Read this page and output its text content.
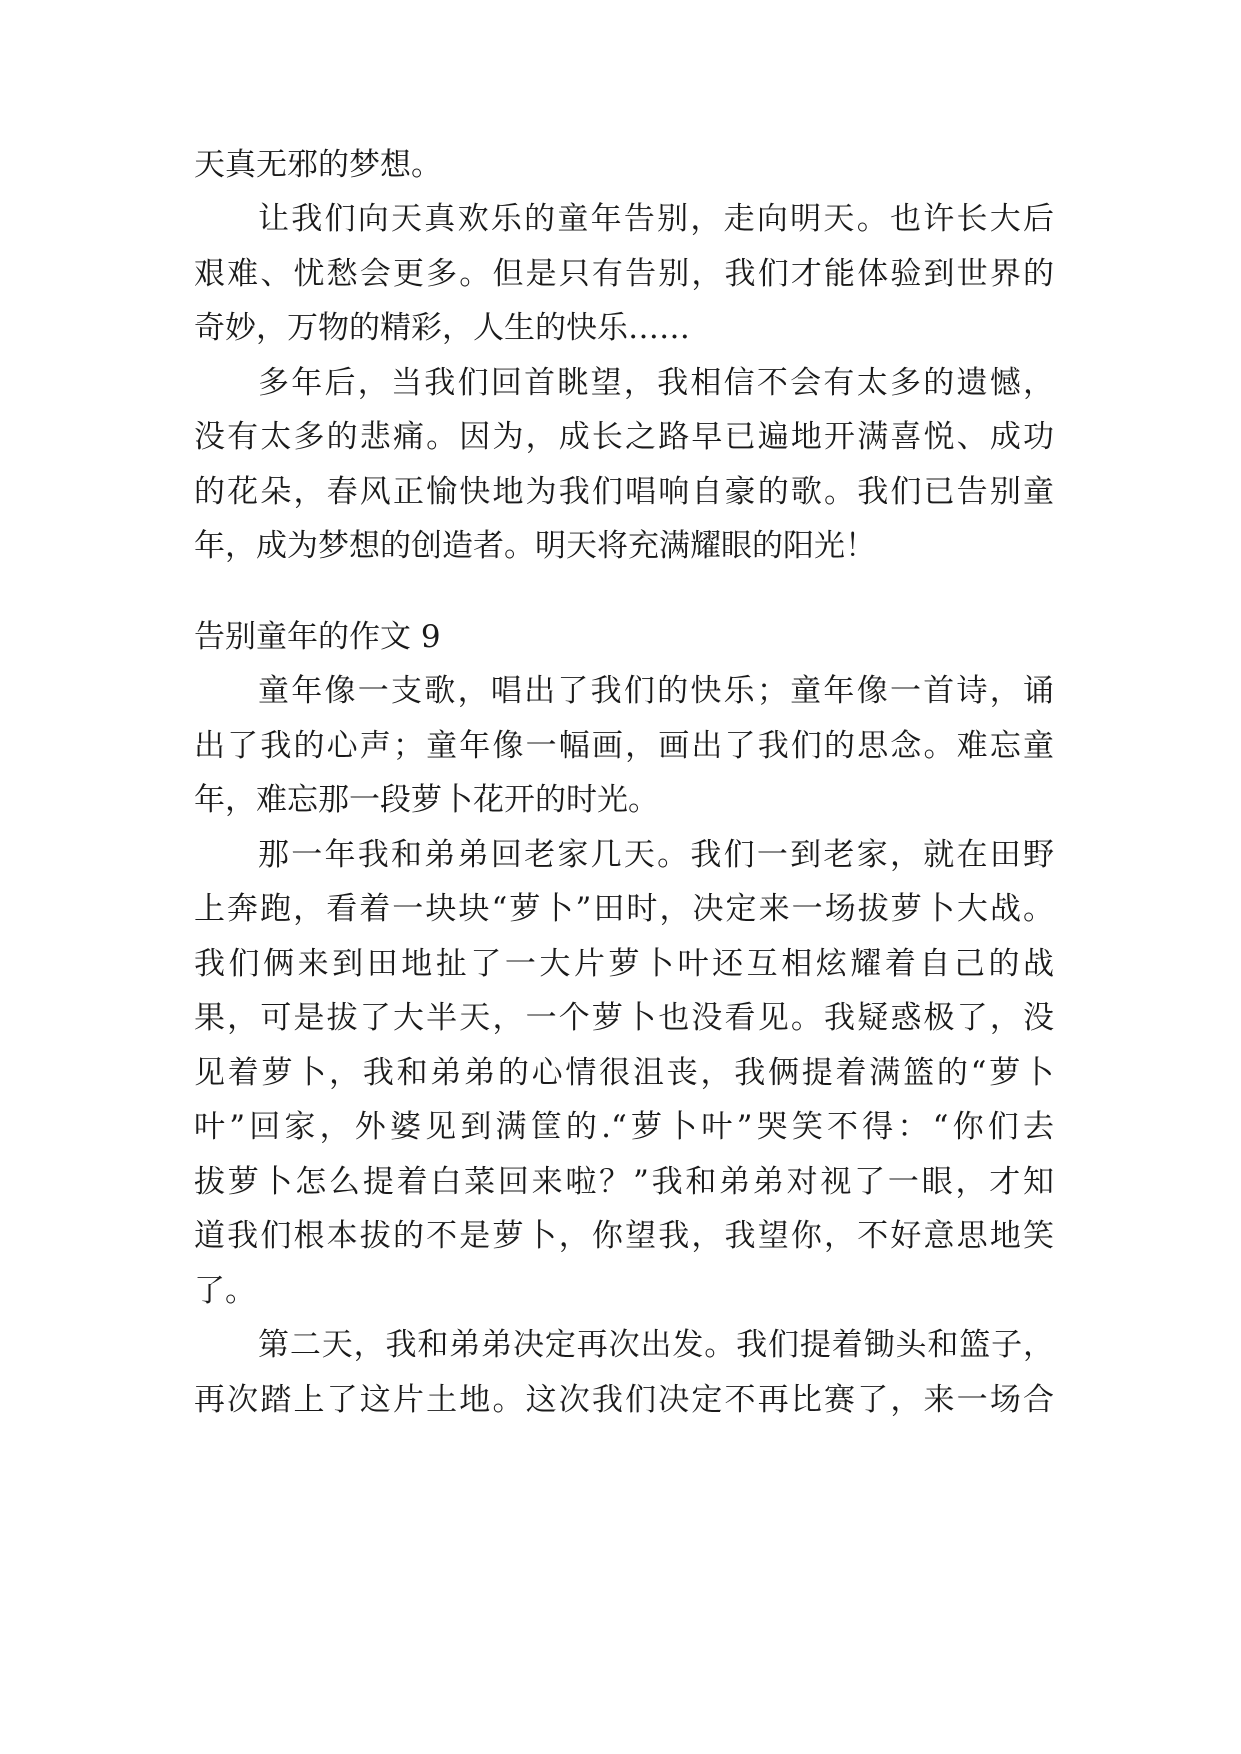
天真无邪的梦想。
让我们向天真欢乐的童年告别，走向明天。也许长大后
艰难、忧愁会更多。但是只有告别，我们才能体验到世界的
奇妙，万物的精彩，人生的快乐……
多年后，当我们回首眺望，我相信不会有太多的遗憾，
没有太多的悲痛。因为，成长之路早已遍地开满喜悦、成功
的花朵，春风正愉快地为我们唱响自豪的歌。我们已告别童
年，成为梦想的创造者。明天将充满耀眼的阳光！
告别童年的作文 9
童年像一支歌，唱出了我们的快乐；童年像一首诗，诵
出了我的心声；童年像一幅画，画出了我们的思念。难忘童
年，难忘那一段萝卜花开的时光。
那一年我和弟弟回老家几天。我们一到老家，就在田野
上奔跑，看着一块块“萝卜”田时，决定来一场拔萝卜大战。
我们俩来到田地扯了一大片萝卜叶还互相炫耀着自己的战
果，可是拔了大半天，一个萝卜也没看见。我疑惑极了，没
见着萝卜，我和弟弟的心情很沮丧，我俩提着满篮的“萝卜
叶”回家，外婆见到满筐的.“萝卜叶”哭笑不得：“你们去
拔萝卜怎么提着白菜回来啦？”我和弟弟对视了一眼，才知
道我们根本拔的不是萝卜，你望我，我望你，不好意思地笑
了。
第二天，我和弟弟决定再次出发。我们提着锄头和篮子，
再次踏上了这片土地。这次我们决定不再比赛了，来一场合
